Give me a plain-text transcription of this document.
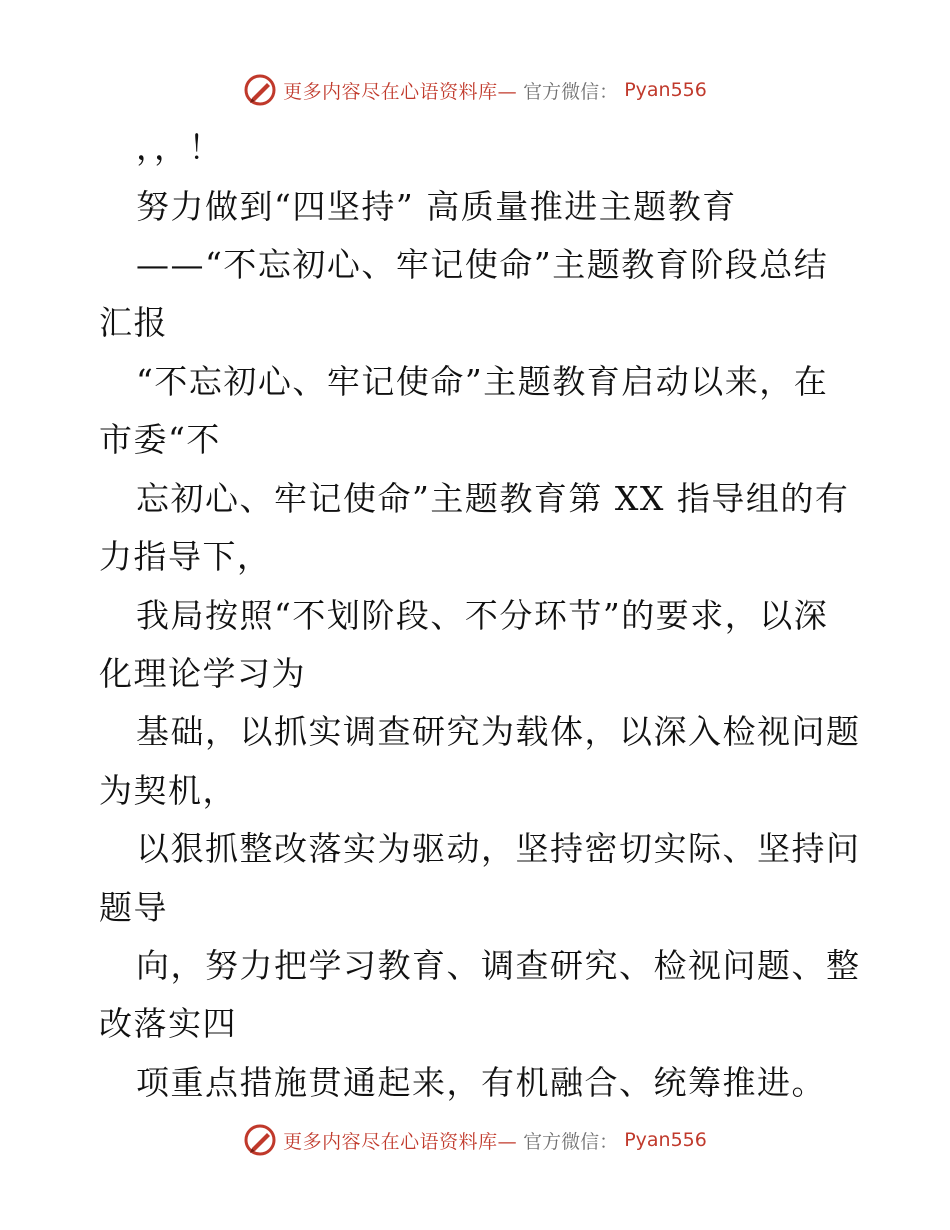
更多内容尽在心语资料库— 官方微信： Pyan556

，，！

努力做到“四坚持” 高质量推进主题教育

——“不忘初心、牢记使命”主题教育阶段总结

汇报

“不忘初心、牢记使命”主题教育启动以来，在

市委“不

忘初心、牢记使命”主题教育第 XX 指导组的有

力指导下，

我局按照“不划阶段、不分环节”的要求，以深

化理论学习为

基础，以抓实调查研究为载体，以深入检视问题

为契机，

以狠抓整改落实为驱动，坚持密切实际、坚持问

题导

向，努力把学习教育、调查研究、检视问题、整

改落实四

项重点措施贯通起来，有机融合、统筹推进。

更多内容尽在心语资料库— 官方微信： Pyan556
